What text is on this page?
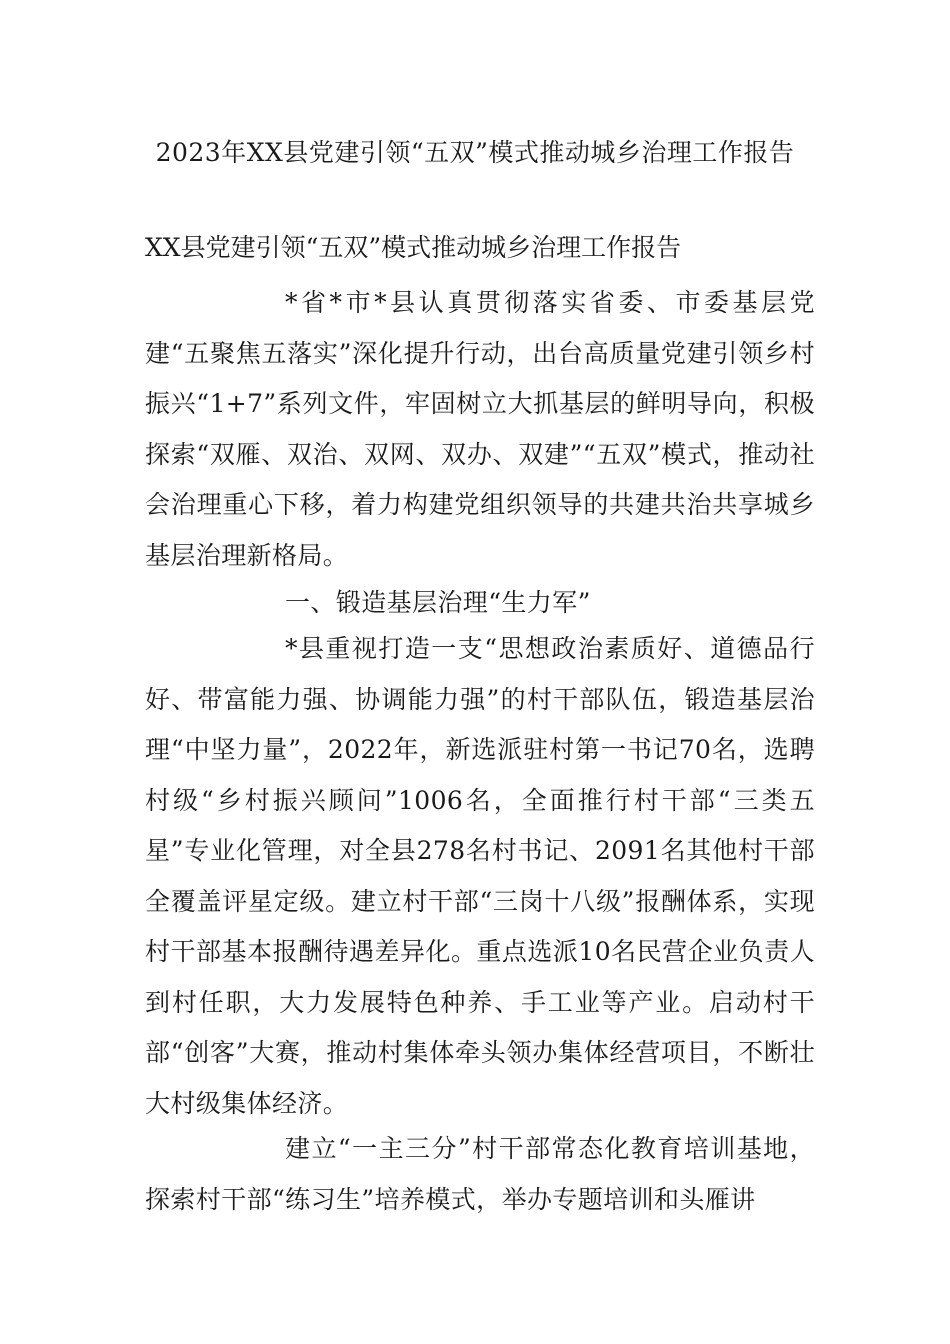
2023年XX县党建引领“五双”模式推动城乡治理工作报告

XX县党建引领“五双”模式推动城乡治理工作报告

*省*市*县认真贯彻落实省委、市委基层党建“五聚焦五落实”深化提升行动，出台高质量党建引领乡村振兴“1+7”系列文件，牢固树立大抓基层的鲜明导向，积极探索“双雁、双治、双网、双办、双建”“五双”模式，推动社会治理重心下移，着力构建党组织领导的共建共治共享城乡基层治理新格局。

一、锻造基层治理“生力军”

*县重视打造一支“思想政治素质好、道德品行好、带富能力强、协调能力强”的村干部队伍，锻造基层治理“中坚力量”，2022年，新选派驻村第一书记70名，选聘村级“乡村振兴顾问”1006名，全面推行村干部“三类五星”专业化管理，对全县278名村书记、2091名其他村干部全覆盖评星定级。建立村干部“三岗十八级”报酬体系，实现村干部基本报酬待遇差异化。重点选派10名民营企业负责人到村任职，大力发展特色种养、手工业等产业。启动村干部“创客”大赛，推动村集体牵头领办集体经营项目，不断壮大村级集体经济。

建立“一主三分”村干部常态化教育培训基地，探索村干部“练习生”培养模式，举办专题培训和头雁讲
